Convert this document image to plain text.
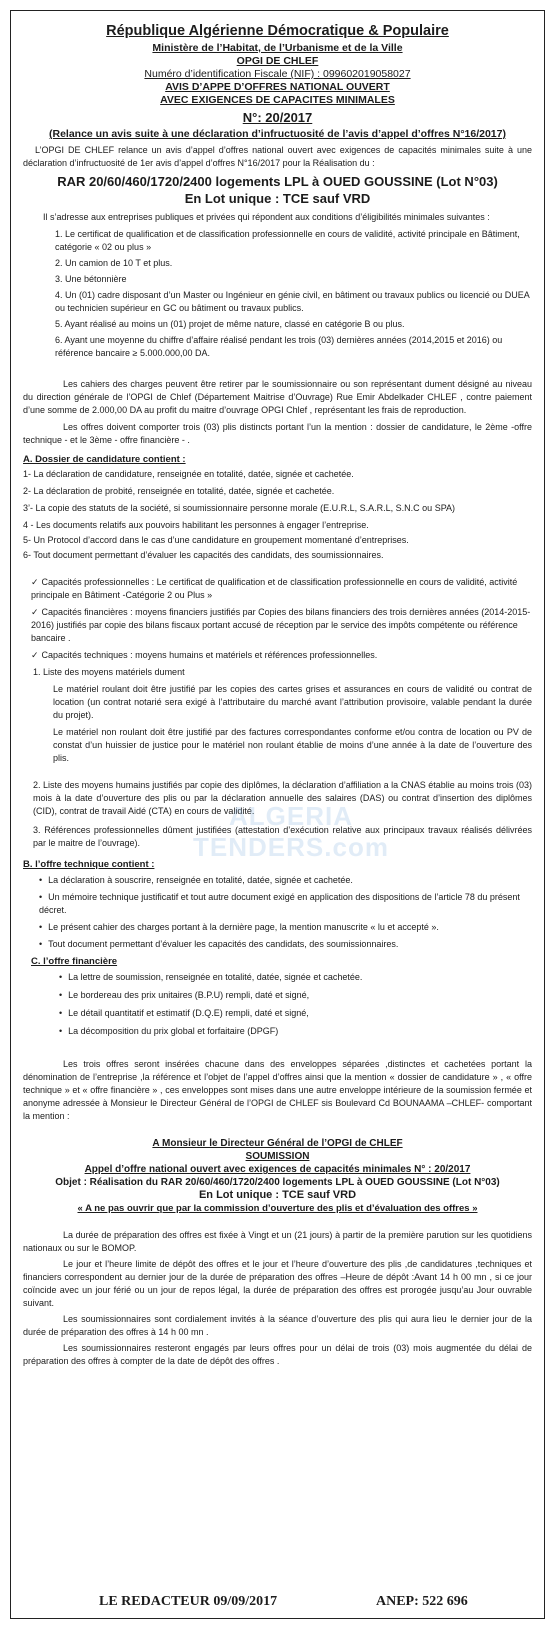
République Algérienne Démocratique & Populaire
Ministère de l’Habitat, de l’Urbanisme et de la Ville
OPGI DE CHLEF
Numéro d’identification Fiscale (NIF) : 099602019058027
AVIS D’APPE D’OFFRES NATIONAL OUVERT
AVEC EXIGENCES DE CAPACITES MINIMALES
N°: 20/2017
(Relance un avis suite à une déclaration d’infructuosité de l’avis d’appel d’offres N°16/2017)
L’OPGI DE CHLEF relance un avis d’appel d’offres national ouvert avec exigences de capacités minimales suite à une déclaration d’infructuosité de 1er avis d’appel d’offres N°16/2017 pour la Réalisation du :
RAR 20/60/460/1720/2400 logements LPL à OUED GOUSSINE (Lot N°03)
En Lot unique : TCE sauf VRD
Il s’adresse aux entreprises publiques et privées qui répondent aux conditions d’éligibilités minimales suivantes :
1. Le certificat de qualification et de classification professionnelle en cours de validité, activité principale en Bâtiment, catégorie « 02 ou plus »
2. Un camion de 10 T et plus.
3. Une bétonnière
4. Un (01) cadre disposant d’un Master ou Ingénieur en génie civil, en bâtiment ou travaux publics ou licencié ou DUEA ou technicien supérieur en GC ou bâtiment ou travaux publics.
5. Ayant réalisé au moins un (01) projet de même nature, classé en catégorie B ou plus.
6. Ayant une moyenne du chiffre d’affaire réalisé pendant les trois (03) dernières années (2014,2015 et 2016) ou référence bancaire ≥ 5.000.000,00 DA.
Les cahiers des charges peuvent être retirer par le soumissionnaire ou son représentant dument désigné au niveau du direction générale de l’OPGI de Chlef (Département Maitrise d’Ouvrage) Rue Emir Abdelkader CHLEF , contre paiement d’une somme de 2.000,00 DA au profit du maitre d’ouvrage OPGI Chlef , représentant les frais de reproduction.
Les offres doivent comporter trois (03) plis distincts portant l’un la mention : dossier de candidature, le 2ème -offre technique - et le 3ème - offre financière - .
A. Dossier de candidature contient :
1- La déclaration de candidature, renseignée en totalité, datée, signée et cachetée.
2- La déclaration de probité, renseignée en totalité, datée, signée et cachetée.
3’- La copie des statuts de la société, si soumissionnaire personne morale (E.U.R.L, S.A.R.L, S.N.C ou SPA)
4 - Les documents relatifs aux pouvoirs habilitant les personnes à engager l’entreprise.
5- Un Protocol d’accord dans le cas d’une candidature en groupement momentané d’entreprises.
6- Tout document permettant d’évaluer les capacités des candidats, des soumissionnaires.
✓ Capacités professionnelles : Le certificat de qualification et de classification professionnelle en cours de validité, activité principale en Bâtiment -Catégorie 2 ou Plus »
✓ Capacités financières : moyens financiers justifiés par Copies des bilans financiers des trois dernières années (2014-2015-2016) justifiés par copie des bilans fiscaux portant accusé de réception par le service des impôts compétente ou référence bancaire .
✓ Capacités techniques : moyens humains et matériels et références professionnelles.
1. Liste des moyens matériels dument
Le matériel roulant doit être justifié par les copies des cartes grises et assurances en cours de validité ou contrat de location (un contrat notarié sera exigé à l’attributaire du marché avant l’attribution provisoire, valable pendant la durée du projet).
Le matériel non roulant doit être justifié par des factures correspondantes conforme et/ou contra de location ou PV de constat d’un huissier de justice pour le matériel non roulant établie de moins d’une année à la date de l’ouverture des plis.
2. Liste des moyens humains justifiés par copie des diplômes, la déclaration d’affiliation a la CNAS établie au moins trois (03) mois à la date d’ouverture des plis ou par la déclaration annuelle des salaires (DAS) ou contrat d’insertion des diplômes (CID), contrat de travail Aidé (CTA) en cours de validité.
3. Références professionnelles dûment justifiées (attestation d’exécution relative aux principaux travaux réalisés délivrées par le maitre de l’ouvrage).
B. l’offre technique contient :
• La déclaration à souscrire, renseignée en totalité, datée, signée et cachetée.
• Un mémoire technique justificatif et tout autre document exigé en application des dispositions de l’article 78 du présent décret.
• Le présent cahier des charges portant à la dernière page, la mention manuscrite « lu et accepté ».
• Tout document permettant d’évaluer les capacités des candidats, des soumissionnaires.
C. l’offre financière
• La lettre de soumission, renseignée en totalité, datée, signée et cachetée.
• Le bordereau des prix unitaires (B.P.U) rempli, daté et signé,
• Le détail quantitatif et estimatif (D.Q.E) rempli, daté et signé,
• La décomposition du prix global et forfaitaire (DPGF)
Les trois offres seront insérées chacune dans des enveloppes séparées ,distinctes et cachetées portant la dénomination de l’entreprise ,la référence et l’objet de l’appel d’offres ainsi que la mention « dossier de candidature » , « offre technique » et « offre financière » , ces enveloppes sont mises dans une autre enveloppe intérieure de la soumission fermée et anonyme adressée à Monsieur le Directeur Général de l’OPGI de CHLEF sis Boulevard Cd BOUNAAMA –CHLEF- comportant la mention :
A Monsieur le Directeur Général de l’OPGI de CHLEF
SOUMISSION
Appel d’offre national ouvert avec exigences de capacités minimales N° : 20/2017
Objet : Réalisation du RAR 20/60/460/1720/2400 logements LPL à OUED GOUSSINE (Lot N°03)
En Lot unique : TCE sauf VRD
« A ne pas ouvrir que par la commission d’ouverture des plis et d’évaluation des offres »
La durée de préparation des offres est fixée à Vingt et un (21 jours) à partir de la première parution sur les quotidiens nationaux ou sur le BOMOP.
Le jour et l’heure limite de dépôt des offres et le jour et l’heure d’ouverture des plis ,de candidatures ,techniques et financiers correspondent au dernier jour de la durée de préparation des offres –Heure de dépôt :Avant 14 h 00 mn , si ce jour coïncide avec un jour férié ou un jour de repos légal, la durée de préparation des offres est prorogée jusqu’au Jour ouvrable suivant.
Les soumissionnaires sont cordialement invités à la séance d’ouverture des plis qui aura lieu le dernier jour de la durée de préparation des offres à 14 h 00 mn .
Les soumissionnaires resteront engagés par leurs offres pour un délai de trois (03) mois augmentée du délai de préparation des offres à compter de la date de dépôt des offres .
ALGERIA TENDERS.com
LE REDACTEUR 09/09/2017	ANEP: 522 696
